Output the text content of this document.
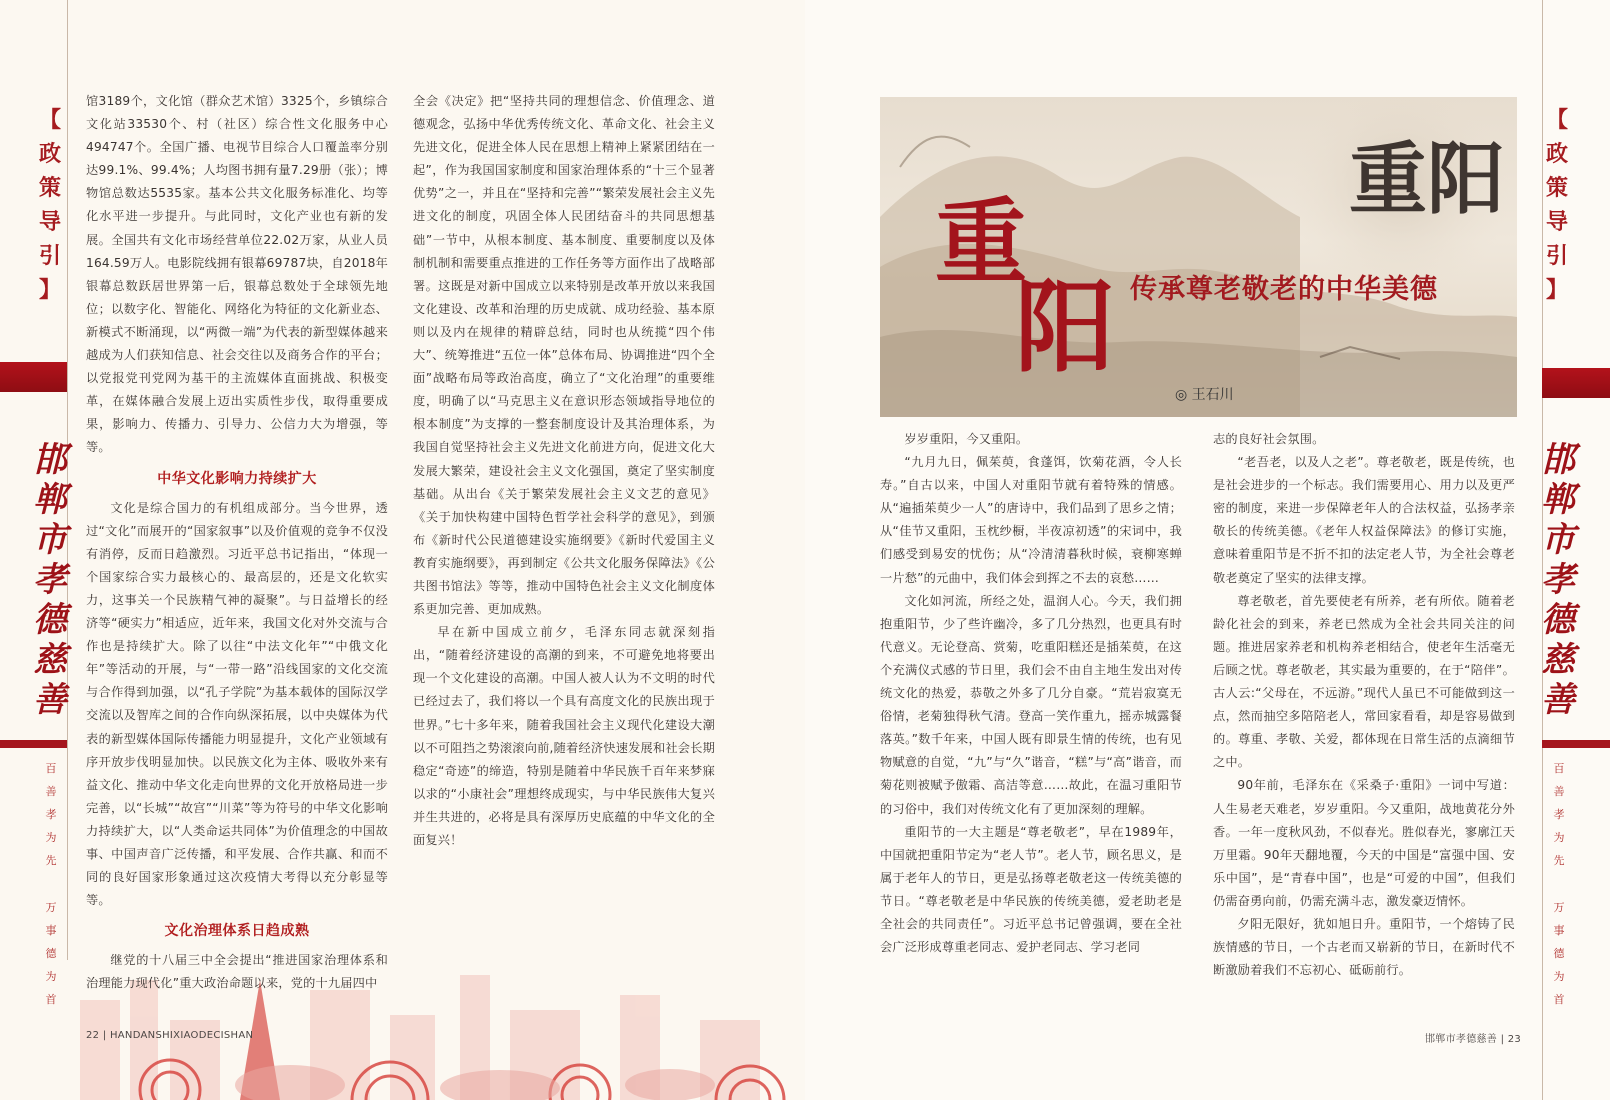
【
政
策
导
引
】
邯
郸
市
孝
德
慈
善
百
善
孝
为
先
万
事
德
为
首

馆3189个，文化馆（群众艺术馆）3325个，乡镇综合文化站33530个、村（社区）综合性文化服务中心494747个。全国广播、电视节目综合人口覆盖率分别达99.1%、99.4%；人均图书拥有量7.29册（张）；博物馆总数达5535家。基本公共文化服务标准化、均等化水平进一步提升。与此同时，文化产业也有新的发展。全国共有文化市场经营单位22.02万家，从业人员164.59万人。电影院线拥有银幕69787块，自2018年银幕总数跃居世界第一后，银幕总数处于全球领先地位；以数字化、智能化、网络化为特征的文化新业态、新模式不断涌现，以“两微一端”为代表的新型媒体越来越成为人们获知信息、社会交往以及商务合作的平台；以党报党刊党网为基干的主流媒体直面挑战、积极变革，在媒体融合发展上迈出实质性步伐，取得重要成果，影响力、传播力、引导力、公信力大为增强，等等。

中华文化影响力持续扩大

文化是综合国力的有机组成部分。当今世界，透过“文化”而展开的“国家叙事”以及价值观的竞争不仅没有消停，反而日趋激烈。习近平总书记指出，“体现一个国家综合实力最核心的、最高层的，还是文化软实力，这事关一个民族精气神的凝聚”。与日益增长的经济等“硬实力”相适应，近年来，我国文化对外交流与合作也是持续扩大。除了以往“中法文化年”“中俄文化年”等活动的开展，与“一带一路”沿线国家的文化交流与合作得到加强，以“孔子学院”为基本载体的国际汉学交流以及智库之间的合作向纵深拓展，以中央媒体为代表的新型媒体国际传播能力明显提升，文化产业领域有序开放步伐明显加快。以民族文化为主体、吸收外来有益文化、推动中华文化走向世界的文化开放格局进一步完善，以“长城”“故宫”“川菜”等为符号的中华文化影响力持续扩大，以“人类命运共同体”为价值理念的中国故事、中国声音广泛传播，和平发展、合作共赢、和而不同的良好国家形象通过这次疫情大考得以充分彰显等等。

文化治理体系日趋成熟

继党的十八届三中全会提出“推进国家治理体系和治理能力现代化”重大政治命题以来，党的十九届四中

全会《决定》把“坚持共同的理想信念、价值理念、道德观念，弘扬中华优秀传统文化、革命文化、社会主义先进文化，促进全体人民在思想上精神上紧紧团结在一起”，作为我国国家制度和国家治理体系的“十三个显著优势”之一，并且在“坚持和完善”“繁荣发展社会主义先进文化的制度，巩固全体人民团结奋斗的共同思想基础”一节中，从根本制度、基本制度、重要制度以及体制机制和需要重点推进的工作任务等方面作出了战略部署。这既是对新中国成立以来特别是改革开放以来我国文化建设、改革和治理的历史成就、成功经验、基本原则以及内在规律的精辟总结，同时也从统揽“四个伟大”、统筹推进“五位一体”总体布局、协调推进“四个全面”战略布局等政治高度，确立了“文化治理”的重要维度，明确了以“马克思主义在意识形态领域指导地位的根本制度”为支撑的一整套制度设计及其治理体系，为我国自觉坚持社会主义先进文化前进方向，促进文化大发展大繁荣，建设社会主义文化强国，奠定了坚实制度基础。从出台《关于繁荣发展社会主义文艺的意见》《关于加快构建中国特色哲学社会科学的意见》，到颁布《新时代公民道德建设实施纲要》《新时代爱国主义教育实施纲要》，再到制定《公共文化服务保障法》《公共图书馆法》等等，推动中国特色社会主义文化制度体系更加完善、更加成熟。

早在新中国成立前夕，毛泽东同志就深刻指出，“随着经济建设的高潮的到来，不可避免地将要出现一个文化建设的高潮。中国人被人认为不文明的时代已经过去了，我们将以一个具有高度文化的民族出现于世界。”七十多年来，随着我国社会主义现代化建设大潮以不可阻挡之势滚滚向前,随着经济快速发展和社会长期稳定“奇迹”的缔造，特别是随着中华民族千百年来梦寐以求的“小康社会”理想终成现实，与中华民族伟大复兴并生共进的，必将是具有深厚历史底蕴的中华文化的全面复兴！

22 | HANDANSHIXIAODECISHAN
【
政
策
导
引
】
邯
郸
市
孝
德
慈
善
百
善
孝
为
先
万
事
德
为
首
重
阳 传承尊老敬老的中华美德
重阳
◎ 王石川

岁岁重阳，今又重阳。

“九月九日，佩茱萸，食蓬饵，饮菊花酒，令人长寿。”自古以来，中国人对重阳节就有着特殊的情感。从“遍插茱萸少一人”的唐诗中，我们品到了思乡之情；从“佳节又重阳，玉枕纱橱，半夜凉初透”的宋词中，我们感受到易安的忧伤；从“冷清清暮秋时候，衰柳寒蝉一片愁”的元曲中，我们体会到挥之不去的哀愁……

文化如河流，所经之处，温润人心。今天，我们拥抱重阳节，少了些许幽冷，多了几分热烈，也更具有时代意义。无论登高、赏菊，吃重阳糕还是插茱萸，在这个充满仪式感的节日里，我们会不由自主地生发出对传统文化的热爱，恭敬之外多了几分自豪。“荒岩寂寞无俗情，老菊独得秋气清。登高一笑作重九，摇赤城露餐落英。”数千年来，中国人既有即景生情的传统，也有见物赋意的自觉，“九”与“久”谐音，“糕”与“高”谐音，而菊花则被赋予傲霜、高洁等意……故此，在温习重阳节的习俗中，我们对传统文化有了更加深刻的理解。

重阳节的一大主题是“尊老敬老”，早在1989年，中国就把重阳节定为“老人节”。老人节，顾名思义，是属于老年人的节日，更是弘扬尊老敬老这一传统美德的节日。“尊老敬老是中华民族的传统美德，爱老助老是全社会的共同责任”。习近平总书记曾强调，要在全社会广泛形成尊重老同志、爱护老同志、学习老同

志的良好社会氛围。

“老吾老，以及人之老”。尊老敬老，既是传统，也是社会进步的一个标志。我们需要用心、用力以及更严密的制度，来进一步保障老年人的合法权益，弘扬孝亲敬长的传统美德。《老年人权益保障法》的修订实施，意味着重阳节是不折不扣的法定老人节，为全社会尊老敬老奠定了坚实的法律支撑。

尊老敬老，首先要使老有所养，老有所依。随着老龄化社会的到来，养老已然成为全社会共同关注的问题。推进居家养老和机构养老相结合，使老年生活毫无后顾之忧。尊老敬老，其实最为重要的，在于“陪伴”。古人云:“父母在，不远游。”现代人虽已不可能做到这一点，然而抽空多陪陪老人，常回家看看，却是容易做到的。尊重、孝敬、关爱，都体现在日常生活的点滴细节之中。

90年前，毛泽东在《采桑子·重阳》一词中写道：人生易老天难老，岁岁重阳。今又重阳，战地黄花分外香。一年一度秋风劲，不似春光。胜似春光，寥廓江天万里霜。90年天翻地覆，今天的中国是“富强中国、安乐中国”，是“青春中国”，也是“可爱的中国”，但我们仍需奋勇向前，仍需充满斗志，激发豪迈情怀。

夕阳无限好，犹如旭日升。重阳节，一个熔铸了民族情感的节日，一个古老而又崭新的节日，在新时代不断激励着我们不忘初心、砥砺前行。

邯郸市孝德慈善 | 23
